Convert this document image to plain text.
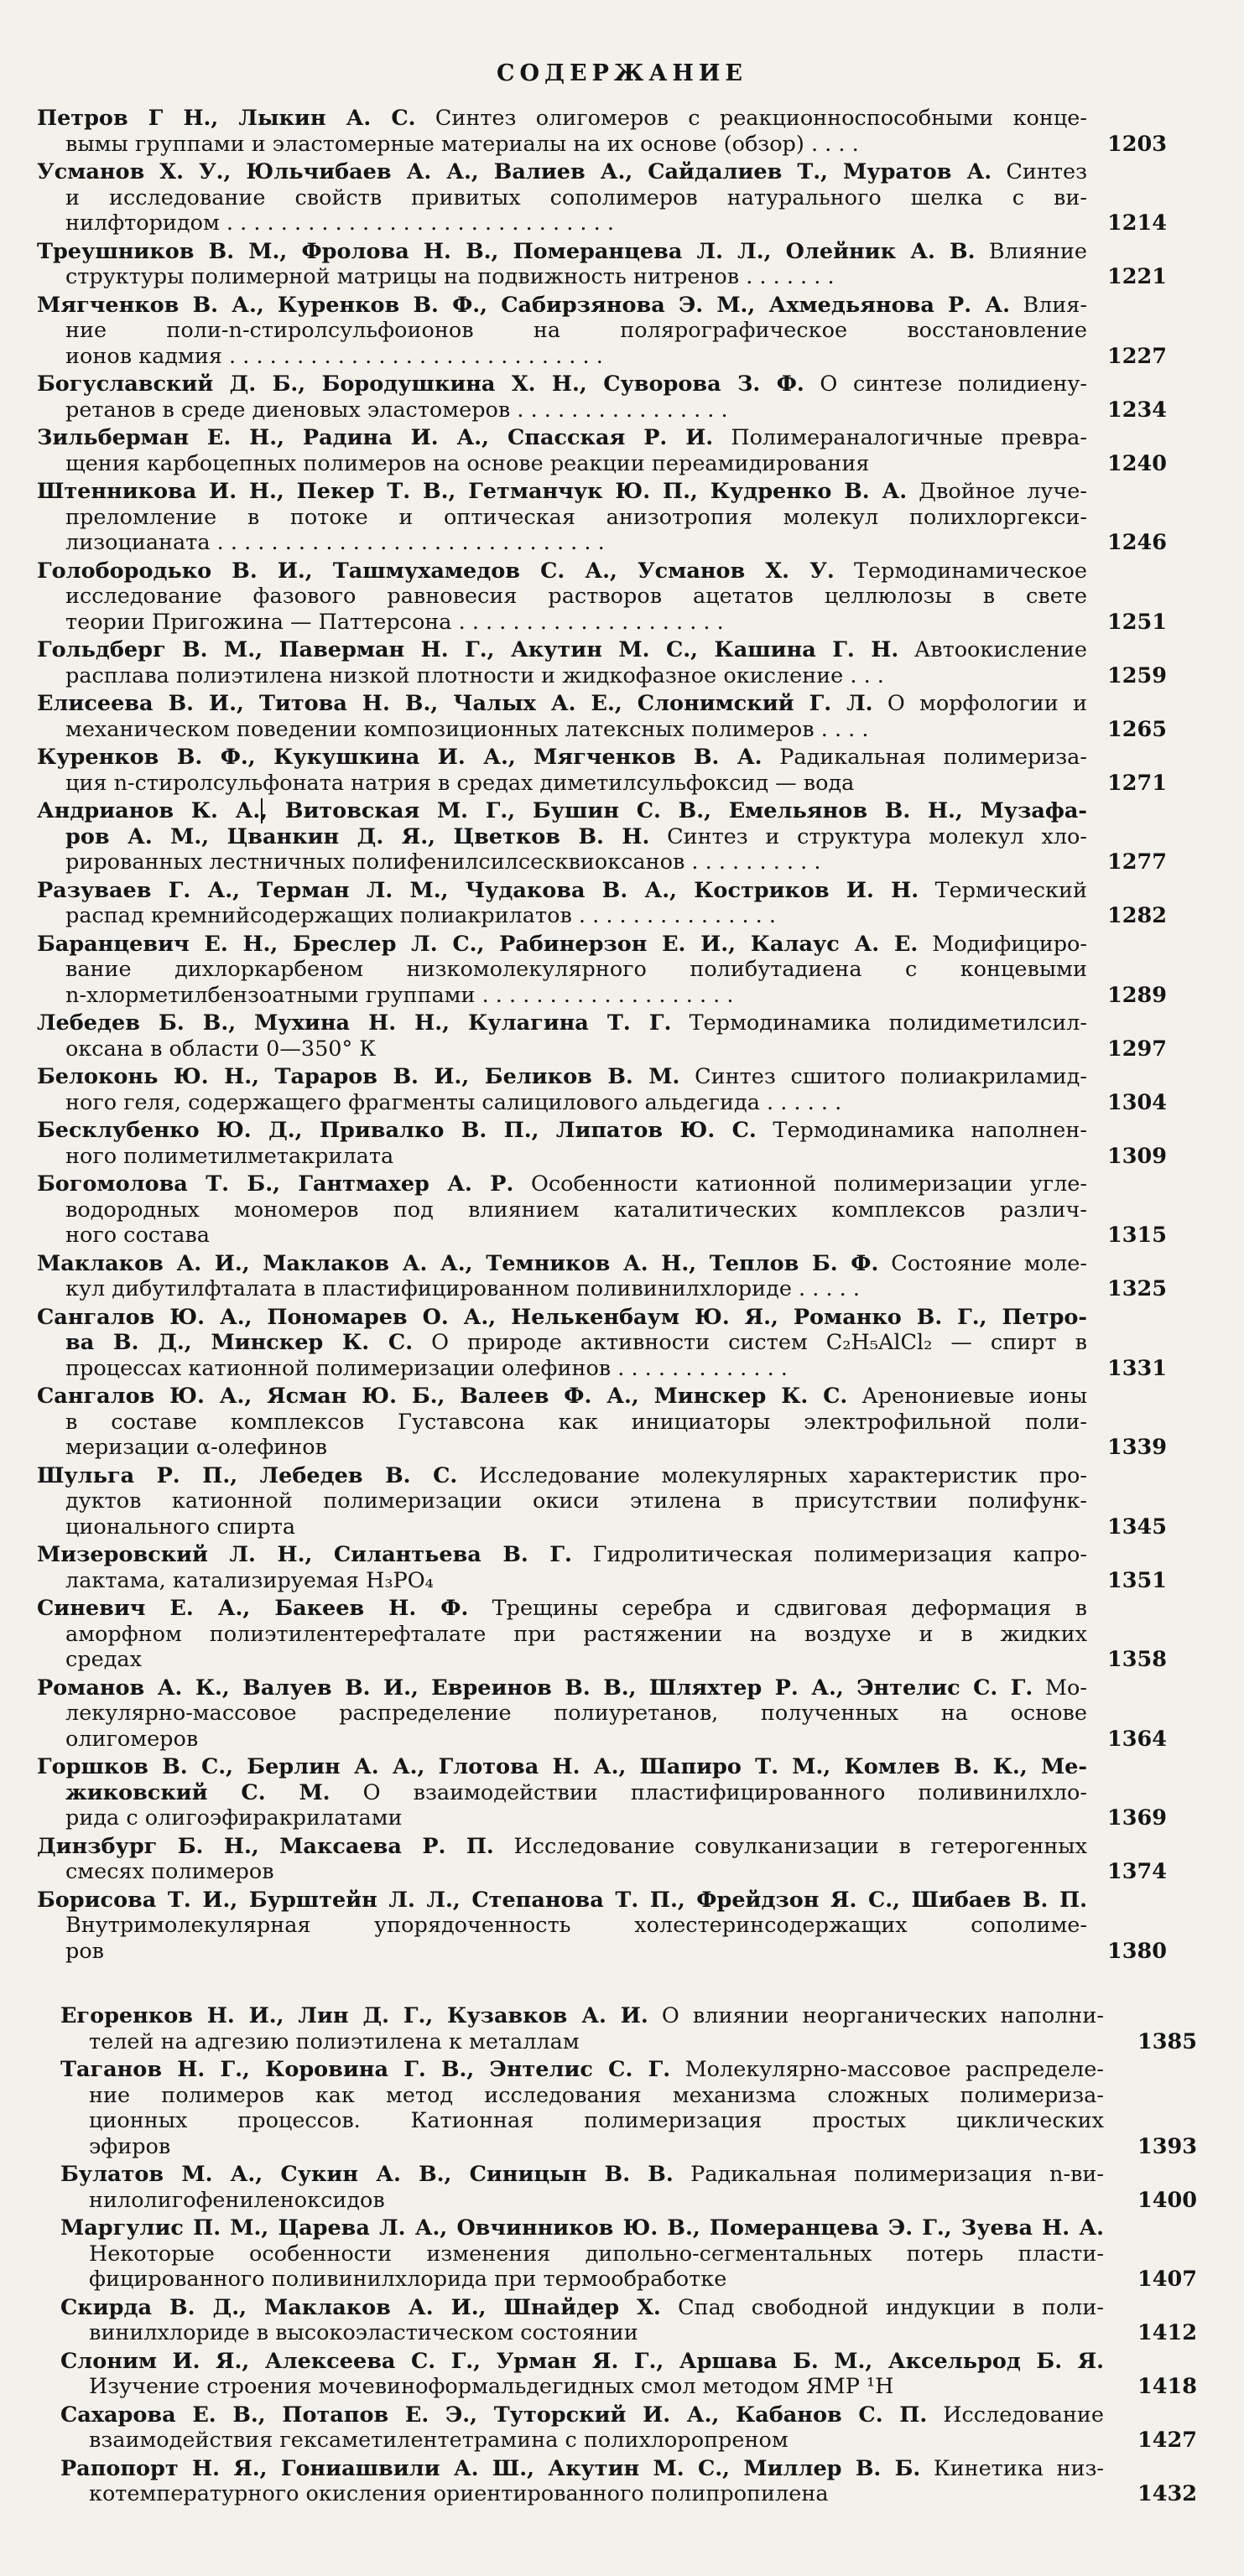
СОДЕРЖАНИЕ
Петров Г Н., Лыкин А. С. Синтез олигомеров с реакционноспособными конце-
вымы группами и эластомерные материалы на их основе (обзор) . . . .	1203
Усманов Х. У., Юльчибаев А. А., Валиев А., Сайдалиев Т., Муратов А. Синтез
и исследование свойств привитых сополимеров натурального шелка с ви-
нилфторидом . . . . . . . . . . . . . . . . . . . . . . . . . . . . .	1214
Треушников В. М., Фролова Н. В., Померанцева Л. Л., Олейник А. В. Влияние
структуры полимерной матрицы на подвижность нитренов . . . . . . .	1221
Мягченков В. А., Куренков В. Ф., Сабирзянова Э. М., Ахмедьянова Р. А. Влия-
ние поли-n-стиролсульфоионов на полярографическое восстановление
ионов кадмия . . . . . . . . . . . . . . . . . . . . . . . . . . . .	1227
Богуславский Д. Б., Бородушкина Х. Н., Суворова З. Ф. О синтезе полидиену-
ретанов в среде диеновых эластомеров . . . . . . . . . . . . . . . .	1234
Зильберман Е. Н., Радина И. А., Спасская Р. И. Полимераналогичные превра-
щения карбоцепных полимеров на основе реакции переамидирования	1240
Штенникова И. Н., Пекер Т. В., Гетманчук Ю. П., Кудренко В. А. Двойное луче-
преломление в потоке и оптическая анизотропия молекул полихлоргекси-
лизоцианата . . . . . . . . . . . . . . . . . . . . . . . . . . . . .	1246
Голобородько В. И., Ташмухамедов С. А., Усманов Х. У. Термодинамическое
исследование фазового равновесия растворов ацетатов целлюлозы в свете
теории Пригожина — Паттерсона . . . . . . . . . . . . . . . . . . . .	1251
Гольдберг В. М., Паверман Н. Г., Акутин М. С., Кашина Г. Н. Автоокисление
расплава полиэтилена низкой плотности и жидкофазное окисление . . .	1259
Елисеева В. И., Титова Н. В., Чалых А. Е., Слонимский Г. Л. О морфологии и
механическом поведении композиционных латексных полимеров . . . .	1265
Куренков В. Ф., Кукушкина И. А., Мягченков В. А. Радикальная полимериза-
ция n-стиролсульфоната натрия в средах диметилсульфоксид — вода	1271
Андрианов К. А., Витовская М. Г., Бушин С. В., Емельянов В. Н., Музафа-
ров А. М., Цванкин Д. Я., Цветков В. Н. Синтез и структура молекул хло-
рированных лестничных полифенилсилсесквиоксанов . . . . . . . . . .	1277
Разуваев Г. А., Терман Л. М., Чудакова В. А., Костриков И. Н. Термический
распад кремнийсодержащих полиакрилатов . . . . . . . . . . . . . . .	1282
Баранцевич Е. Н., Бреслер Л. С., Рабинерзон Е. И., Калаус А. Е. Модифициро-
вание дихлоркарбеном низкомолекулярного полибутадиена с концевыми
n-хлорметилбензоатными группами . . . . . . . . . . . . . . . . . . .	1289
Лебедев Б. В., Мухина Н. Н., Кулагина Т. Г. Термодинамика полидиметилсил-
оксана в области 0—350° К	1297
Белоконь Ю. Н., Тараров В. И., Беликов В. М. Синтез сшитого полиакриламид-
ного геля, содержащего фрагменты салицилового альдегида . . . . . .	1304
Бесклубенко Ю. Д., Привалко В. П., Липатов Ю. С. Термодинамика наполнен-
ного полиметилметакрилата	1309
Богомолова Т. Б., Гантмахер А. Р. Особенности катионной полимеризации угле-
водородных мономеров под влиянием каталитических комплексов различ-
ного состава	1315
Маклаков А. И., Маклаков А. А., Темников А. Н., Теплов Б. Ф. Состояние моле-
кул дибутилфталата в пластифицированном поливинилхлориде . . . . .	1325
Сангалов Ю. А., Пономарев О. А., Нелькенбаум Ю. Я., Романко В. Г., Петро-
ва В. Д., Минскер К. С. О природе активности систем C₂H₅AlCl₂ — спирт в
процессах катионной полимеризации олефинов . . . . . . . . . . . . .	1331
Сангалов Ю. А., Ясман Ю. Б., Валеев Ф. А., Минскер К. С. Аренониевые ионы
в составе комплексов Густавсона как инициаторы электрофильной поли-
меризации α-олефинов	1339
Шульга Р. П., Лебедев В. С. Исследование молекулярных характеристик про-
дуктов катионной полимеризации окиси этилена в присутствии полифунк-
ционального спирта	1345
Мизеровский Л. Н., Силантьева В. Г. Гидролитическая полимеризация капро-
лактама, катализируемая H₃PO₄	1351
Синевич Е. А., Бакеев Н. Ф. Трещины серебра и сдвиговая деформация в
аморфном полиэтилентерефталате при растяжении на воздухе и в жидких
средах	1358
Романов А. К., Валуев В. И., Евреинов В. В., Шляхтер Р. А., Энтелис С. Г. Мо-
лекулярно-массовое распределение полиуретанов, полученных на основе
олигомеров	1364
Горшков В. С., Берлин А. А., Глотова Н. А., Шапиро Т. М., Комлев В. К., Ме-
жиковский С. М. О взаимодействии пластифицированного поливинилхло-
рида с олигоэфиракрилатами	1369
Динзбург Б. Н., Максаева Р. П. Исследование совулканизации в гетерогенных
смесях полимеров	1374
Борисова Т. И., Бурштейн Л. Л., Степанова Т. П., Фрейдзон Я. С., Шибаев В. П.
Внутримолекулярная упорядоченность холестеринсодержащих сополиме-
ров	1380
Егоренков Н. И., Лин Д. Г., Кузавков А. И. О влиянии неорганических наполни-
телей на адгезию полиэтилена к металлам	1385
Таганов Н. Г., Коровина Г. В., Энтелис С. Г. Молекулярно-массовое распределе-
ние полимеров как метод исследования механизма сложных полимериза-
ционных процессов. Катионная полимеризация простых циклических
эфиров	1393
Булатов М. А., Сукин А. В., Синицын В. В. Радикальная полимеризация n-ви-
нилолигофениленоксидов	1400
Маргулис П. М., Царева Л. А., Овчинников Ю. В., Померанцева Э. Г., Зуева Н. А.
Некоторые особенности изменения дипольно-сегментальных потерь пласти-
фицированного поливинилхлорида при термообработке	1407
Скирда В. Д., Маклаков А. И., Шнайдер Х. Спад свободной индукции в поли-
винилхлориде в высокоэластическом состоянии	1412
Слоним И. Я., Алексеева С. Г., Урман Я. Г., Аршава Б. М., Аксельрод Б. Я.
Изучение строения мочевиноформальдегидных смол методом ЯМР ¹H	1418
Сахарова Е. В., Потапов Е. Э., Туторский И. А., Кабанов С. П. Исследование
взаимодействия гексаметилентетрамина с полихлоропреном	1427
Рапопорт Н. Я., Гониашвили А. Ш., Акутин М. С., Миллер В. Б. Кинетика низ-
котемпературного окисления ориентированного полипропилена	1432
